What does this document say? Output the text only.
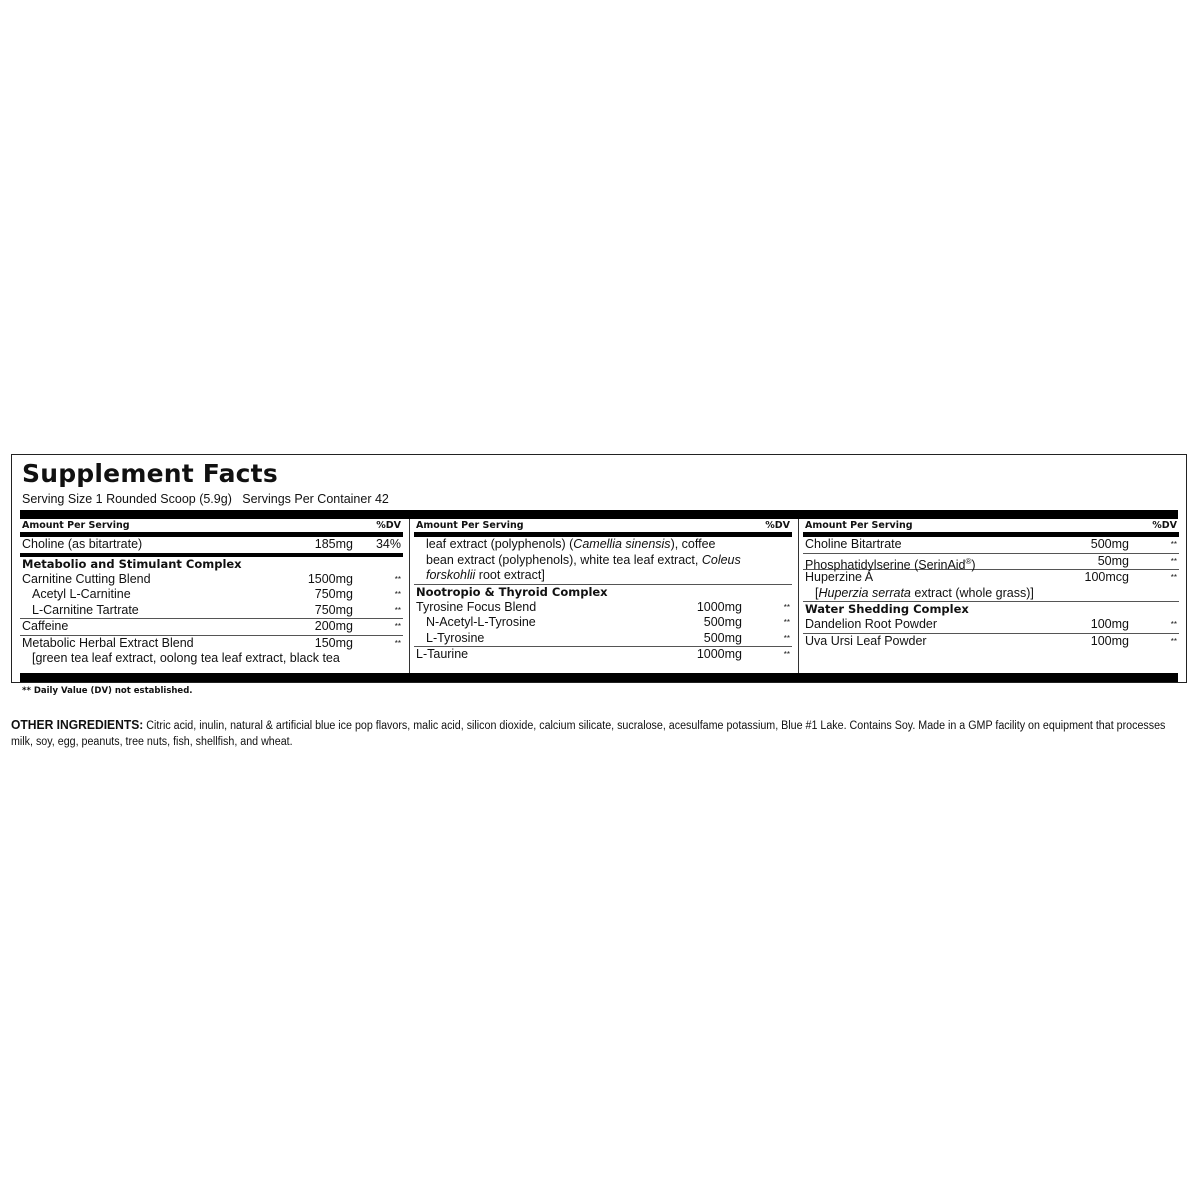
Supplement Facts
Serving Size 1 Rounded Scoop (5.9g)   Servings Per Container 42
Amount Per Serving	%DV
Choline (as bitartrate)	185mg 34%
Metabolio and Stimulant Complex
Carnitine Cutting Blend	1500mg	**
Acetyl L-Carnitine	750mg	**
L-Carnitine Tartrate	750mg	**
Caffeine	200mg	**
Metabolic Herbal Extract Blend	150mg	**
[green tea leaf extract, oolong tea leaf extract, black tea
Amount Per Serving	%DV
leaf extract (polyphenols) (Camellia sinensis), coffee
bean extract (polyphenols), white tea leaf extract, Coleus
forskohlii root extract]
Nootropio & Thyroid Complex
Tyrosine Focus Blend	1000mg	**
N-Acetyl-L-Tyrosine	500mg	**
L-Tyrosine	500mg	**
L-Taurine	1000mg	**
Amount Per Serving	%DV
Choline Bitartrate	500mg	**
Phosphatidylserine (SerinAid®)	50mg	**
Huperzine A	100mcg	**
[Huperzia serrata extract (whole grass)]
Water Shedding Complex
Dandelion Root Powder	100mg	**
Uva Ursi Leaf Powder	100mg	**
** Daily Value (DV) not established.
OTHER INGREDIENTS: Citric acid, inulin, natural & artificial blue ice pop flavors, malic acid, silicon dioxide, calcium silicate, sucralose, acesulfame potassium, Blue #1 Lake. Contains Soy. Made in a GMP facility on equipment that processes milk, soy, egg, peanuts, tree nuts, fish, shellfish, and wheat.
